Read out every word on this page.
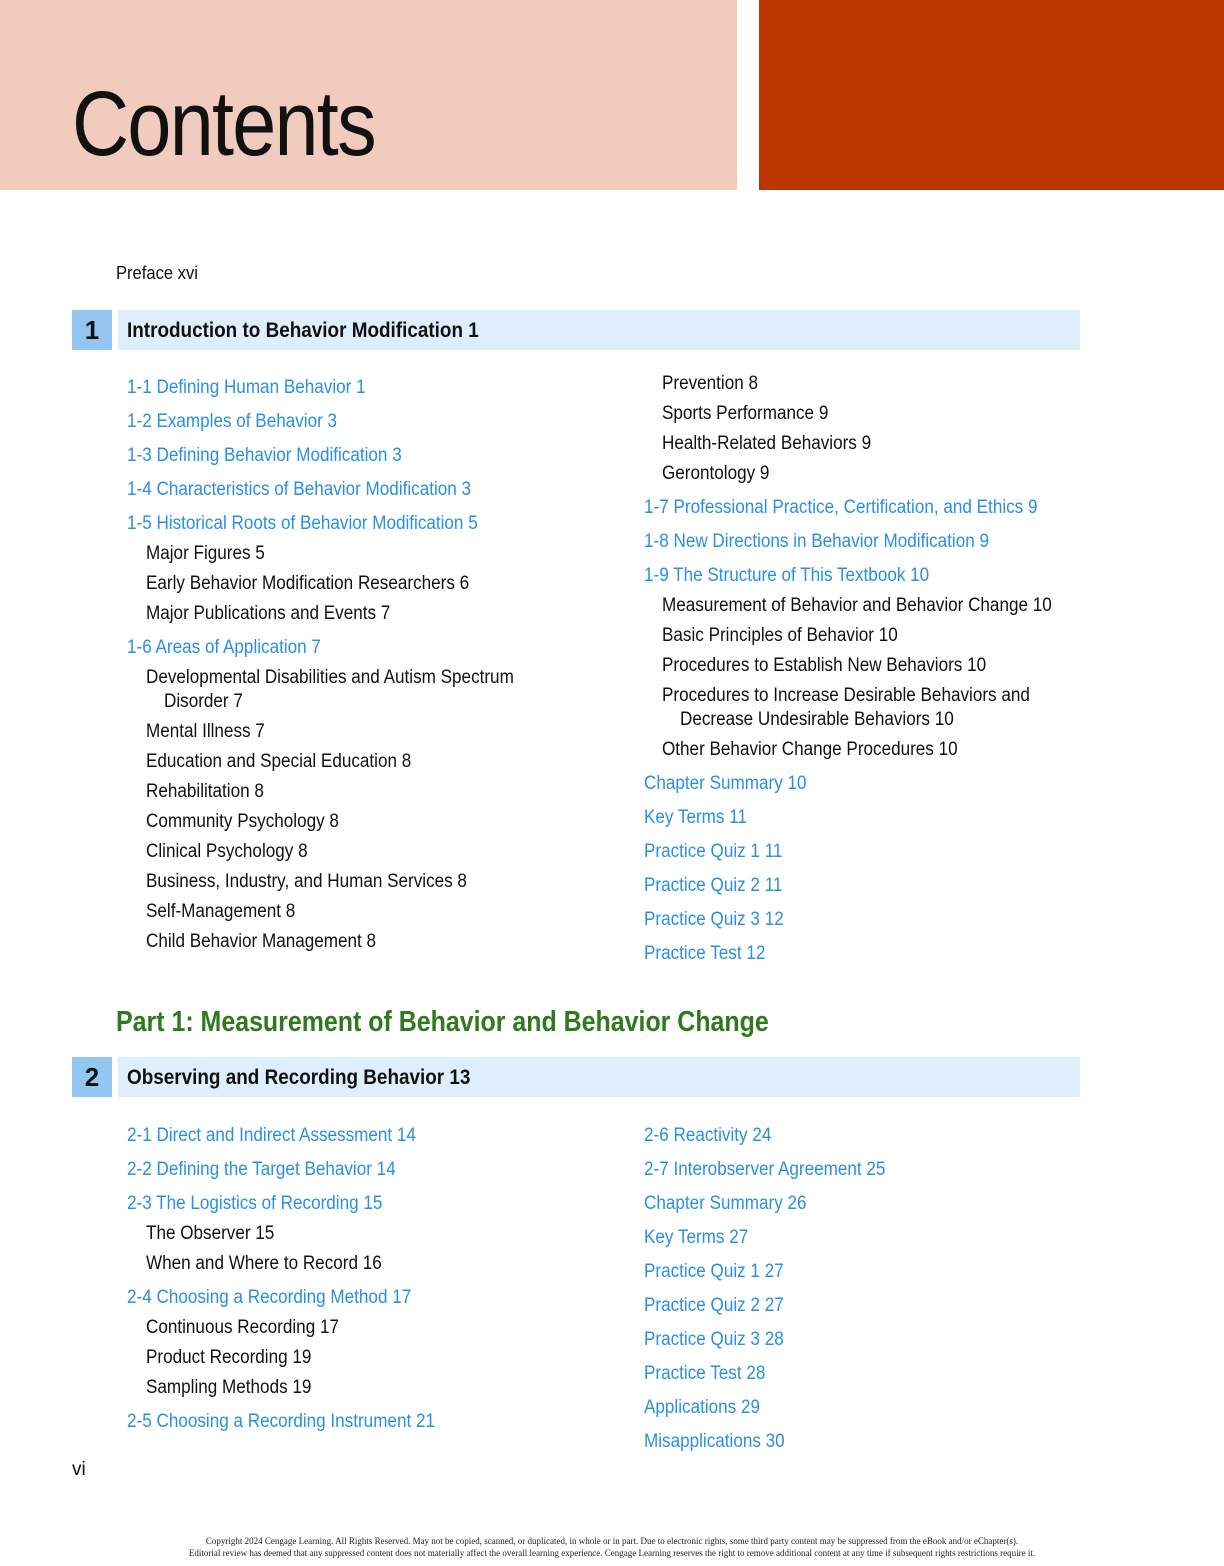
Contents
Preface xvi
1	Introduction to Behavior Modification 1
1-1 Defining Human Behavior 1
1-2 Examples of Behavior 3
1-3 Defining Behavior Modification 3
1-4 Characteristics of Behavior Modification 3
1-5 Historical Roots of Behavior Modification 5
Major Figures 5
Early Behavior Modification Researchers 6
Major Publications and Events 7
1-6 Areas of Application 7
Developmental Disabilities and Autism Spectrum
Disorder 7
Mental Illness 7
Education and Special Education 8
Rehabilitation 8
Community Psychology 8
Clinical Psychology 8
Business, Industry, and Human Services 8
Self-Management 8
Child Behavior Management 8
Prevention 8
Sports Performance 9
Health-Related Behaviors 9
Gerontology 9
1-7 Professional Practice, Certification, and Ethics 9
1-8 New Directions in Behavior Modification 9
1-9 The Structure of This Textbook 10
Measurement of Behavior and Behavior Change 10
Basic Principles of Behavior 10
Procedures to Establish New Behaviors 10
Procedures to Increase Desirable Behaviors and
Decrease Undesirable Behaviors 10
Other Behavior Change Procedures 10
Chapter Summary 10
Key Terms 11
Practice Quiz 1 11
Practice Quiz 2 11
Practice Quiz 3 12
Practice Test 12
Part 1: Measurement of Behavior and Behavior Change
2	Observing and Recording Behavior 13
2-1 Direct and Indirect Assessment 14
2-2 Defining the Target Behavior 14
2-3 The Logistics of Recording 15
The Observer 15
When and Where to Record 16
2-4 Choosing a Recording Method 17
Continuous Recording 17
Product Recording 19
Sampling Methods 19
2-5 Choosing a Recording Instrument 21
2-6 Reactivity 24
2-7 Interobserver Agreement 25
Chapter Summary 26
Key Terms 27
Practice Quiz 1 27
Practice Quiz 2 27
Practice Quiz 3 28
Practice Test 28
Applications 29
Misapplications 30
vi
Copyright 2024 Cengage Learning. All Rights Reserved. May not be copied, scanned, or duplicated, in whole or in part. Due to electronic rights, some third party content may be suppressed from the eBook and/or eChapter(s).
Editorial review has deemed that any suppressed content does not materially affect the overall learning experience. Cengage Learning reserves the right to remove additional content at any time if subsequent rights restrictions require it.
